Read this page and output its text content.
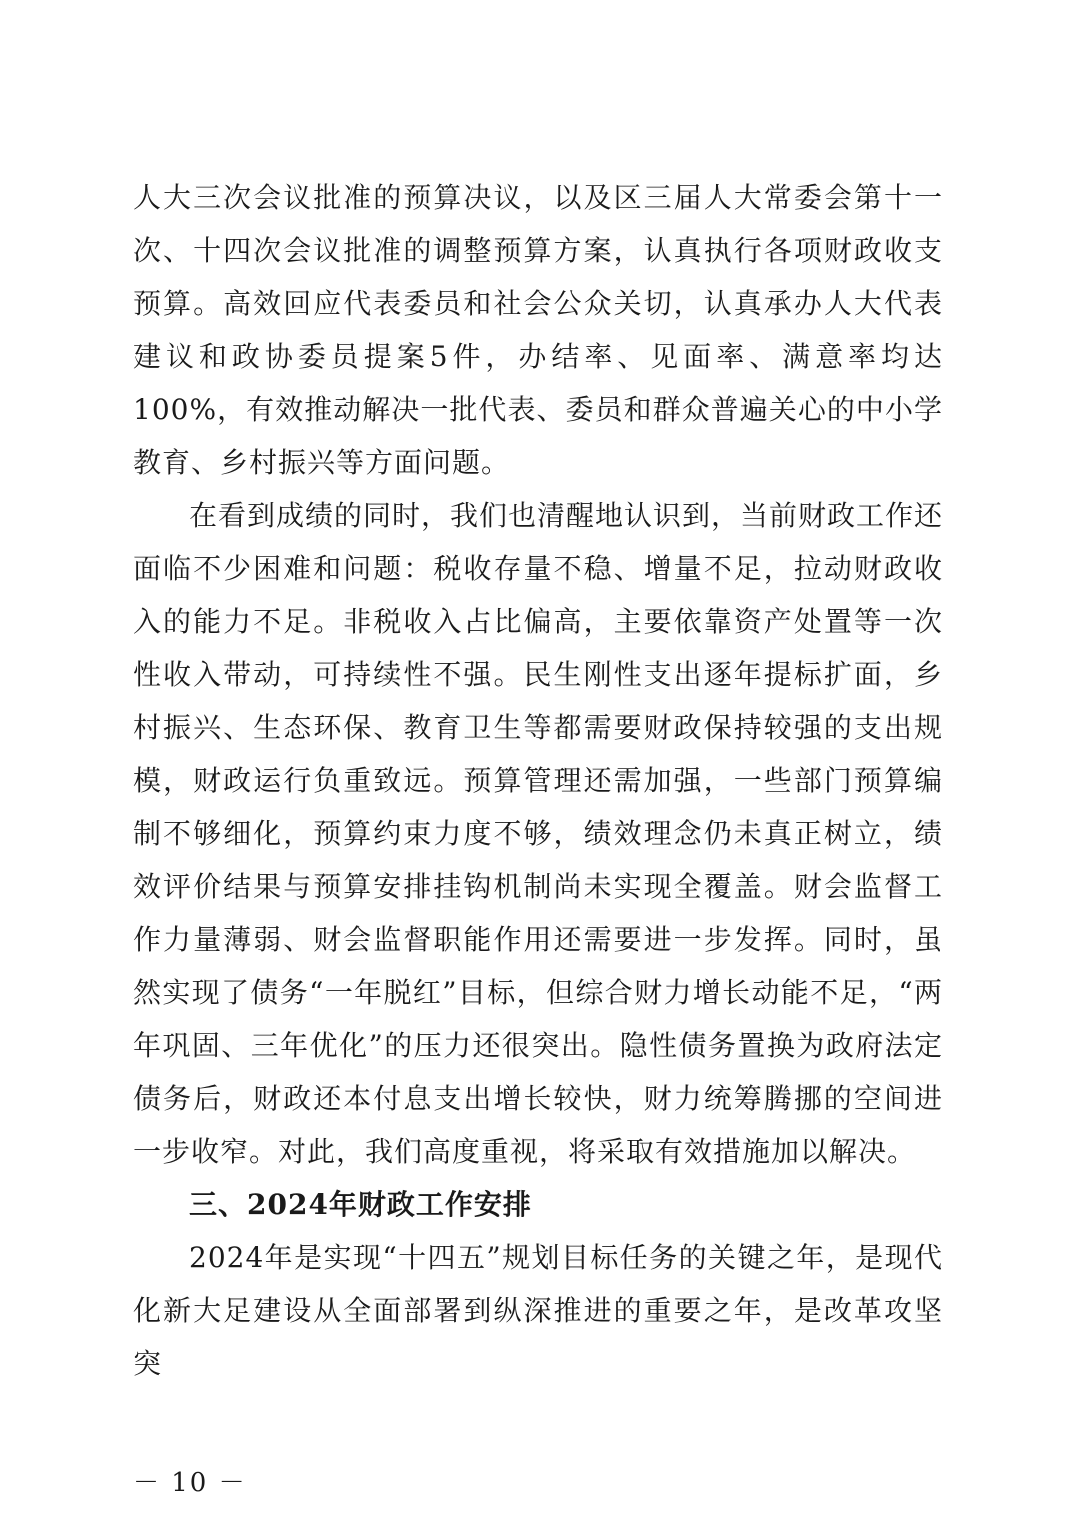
人大三次会议批准的预算决议，以及区三届人大常委会第十一次、十四次会议批准的调整预算方案，认真执行各项财政收支预算。高效回应代表委员和社会公众关切，认真承办人大代表建议和政协委员提案5件，办结率、见面率、满意率均达100%，有效推动解决一批代表、委员和群众普遍关心的中小学教育、乡村振兴等方面问题。

在看到成绩的同时，我们也清醒地认识到，当前财政工作还面临不少困难和问题：税收存量不稳、增量不足，拉动财政收入的能力不足。非税收入占比偏高，主要依靠资产处置等一次性收入带动，可持续性不强。民生刚性支出逐年提标扩面，乡村振兴、生态环保、教育卫生等都需要财政保持较强的支出规模，财政运行负重致远。预算管理还需加强，一些部门预算编制不够细化，预算约束力度不够，绩效理念仍未真正树立，绩效评价结果与预算安排挂钩机制尚未实现全覆盖。财会监督工作力量薄弱、财会监督职能作用还需要进一步发挥。同时，虽然实现了债务“一年脱红”目标，但综合财力增长动能不足，“两年巩固、三年优化”的压力还很突出。隐性债务置换为政府法定债务后，财政还本付息支出增长较快，财力统筹腾挪的空间进一步收窄。对此，我们高度重视，将采取有效措施加以解决。

三、2024年财政工作安排

2024年是实现“十四五”规划目标任务的关键之年，是现代化新大足建设从全面部署到纵深推进的重要之年，是改革攻坚突

－ 10 －
